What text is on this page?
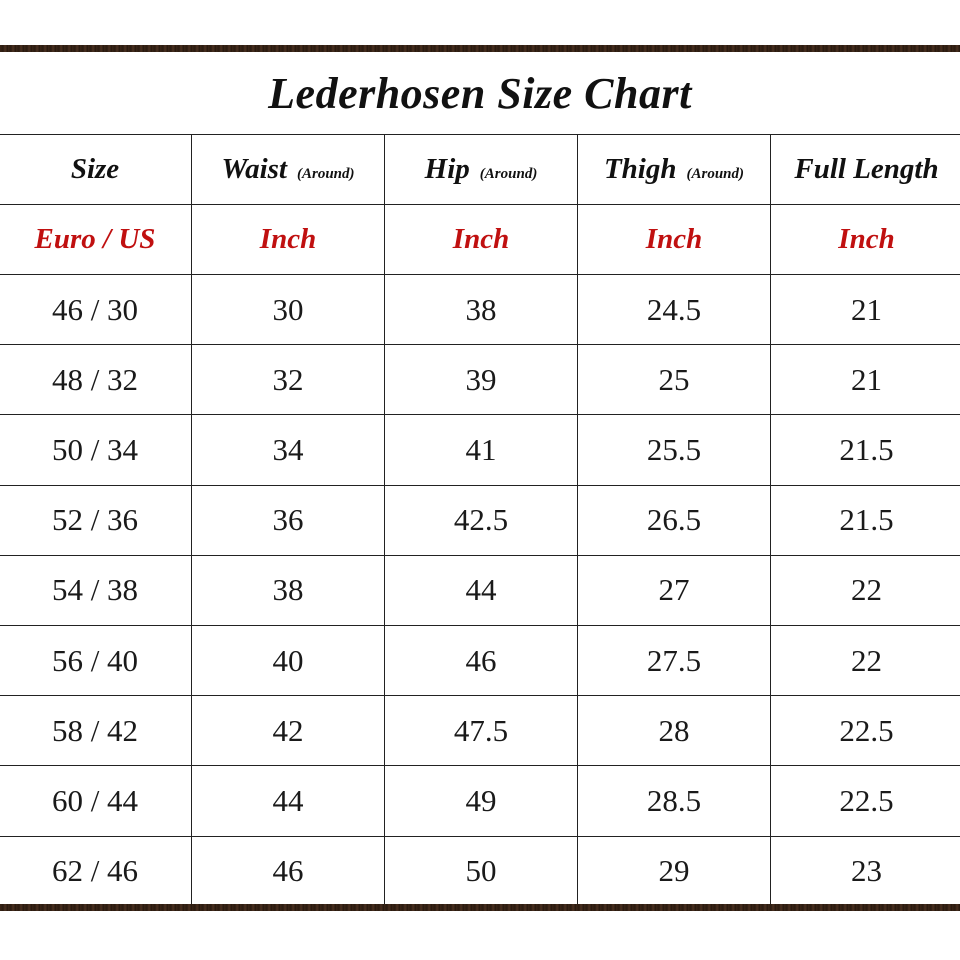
Lederhosen Size Chart
Size	Waist (Around)	Hip (Around)	Thigh (Around)	Full Length
Euro / US	Inch	Inch	Inch	Inch
46 / 30	30	38	24.5	21
48 / 32	32	39	25	21
50 / 34	34	41	25.5	21.5
52 / 36	36	42.5	26.5	21.5
54 / 38	38	44	27	22
56 / 40	40	46	27.5	22
58 / 42	42	47.5	28	22.5
60 / 44	44	49	28.5	22.5
62 / 46	46	50	29	23
